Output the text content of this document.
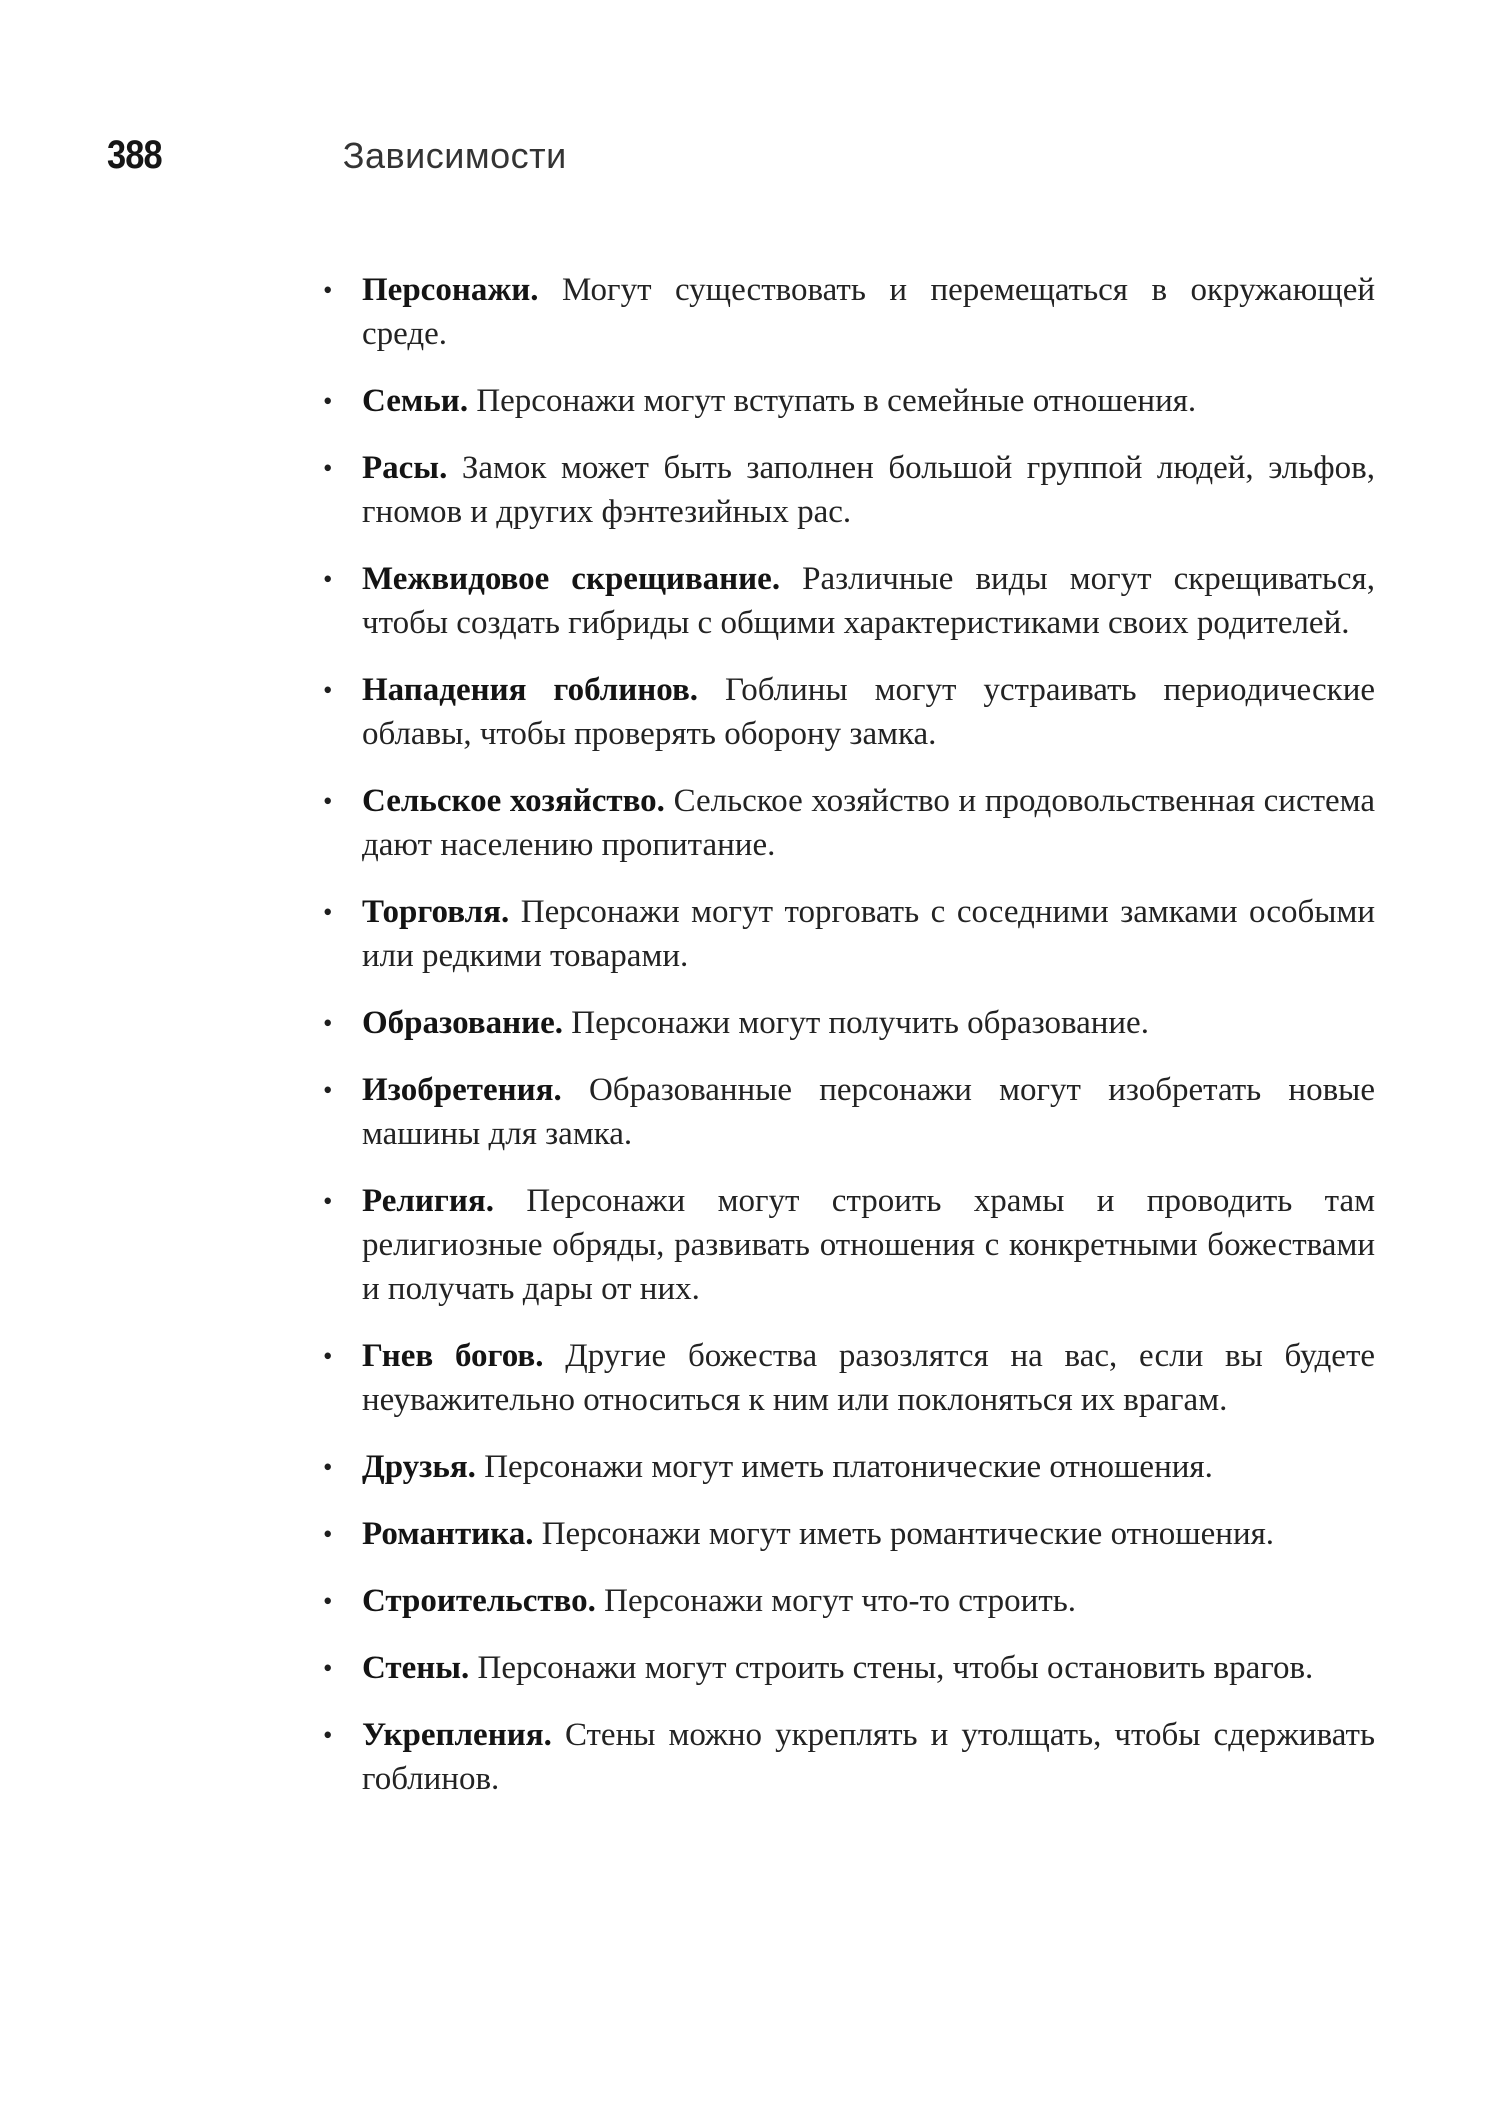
388	Зависимости
• Персонажи. Могут существовать и перемещаться в окружающей среде.

• Семьи. Персонажи могут вступать в семейные отношения.

• Расы. Замок может быть заполнен большой группой людей, эльфов, гномов и других фэнтезийных рас.

• Межвидовое скрещивание. Различные виды могут скрещиваться, чтобы создать гибриды с общими характеристиками своих родителей.

• Нападения гоблинов. Гоблины могут устраивать периодические облавы, чтобы проверять оборону замка.

• Сельское хозяйство. Сельское хозяйство и продовольственная система дают населению пропитание.

• Торговля. Персонажи могут торговать с соседними замками особыми или редкими товарами.

• Образование. Персонажи могут получить образование.

• Изобретения. Образованные персонажи могут изобретать новые машины для замка.

• Религия. Персонажи могут строить храмы и проводить там религиозные обряды, развивать отношения с конкретными божествами и получать дары от них.

• Гнев богов. Другие божества разозлятся на вас, если вы будете неуважительно относиться к ним или поклоняться их врагам.

• Друзья. Персонажи могут иметь платонические отношения.

• Романтика. Персонажи могут иметь романтические отношения.

• Строительство. Персонажи могут что-то строить.

• Стены. Персонажи могут строить стены, чтобы остановить врагов.

• Укрепления. Стены можно укреплять и утолщать, чтобы сдерживать гоблинов.
